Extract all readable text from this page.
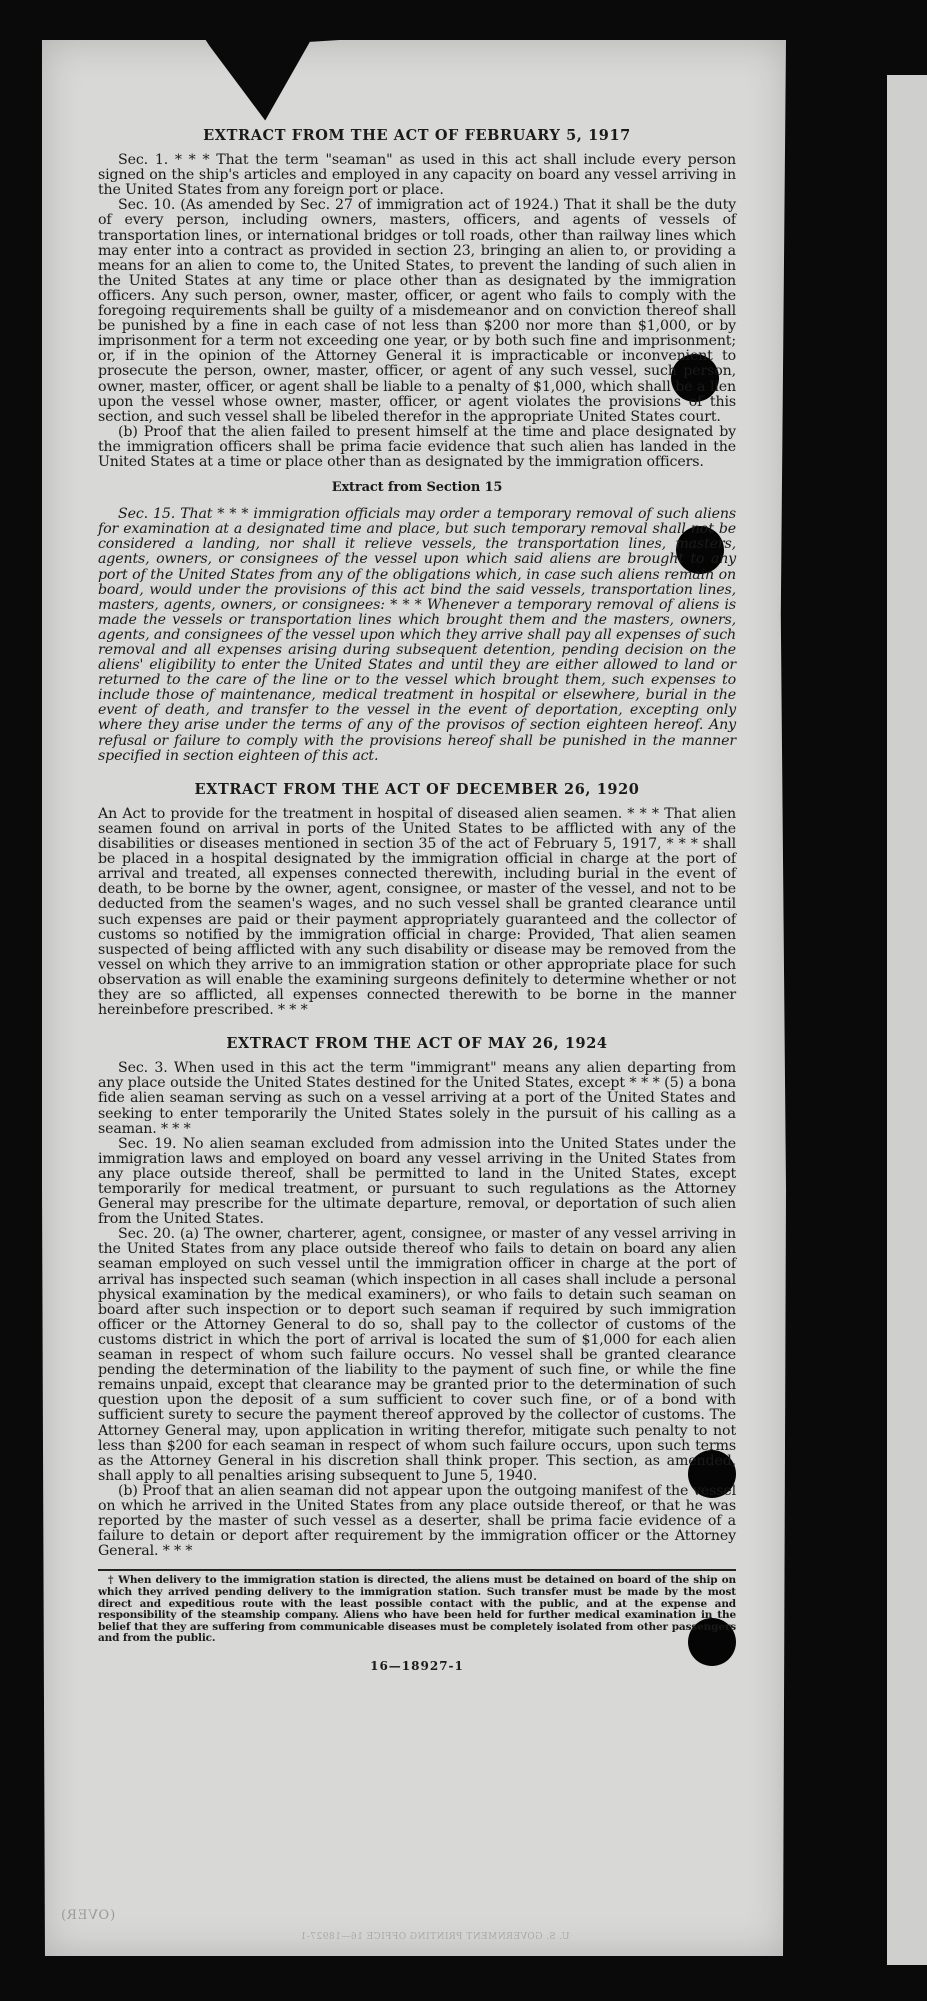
EXTRACT FROM THE ACT OF FEBRUARY 5, 1917

Sec. 1. * * * That the term "seaman" as used in this act shall include every person signed on the ship's articles and employed in any capacity on board any vessel arriving in the United States from any foreign port or place.

Sec. 10. (As amended by Sec. 27 of immigration act of 1924.) That it shall be the duty of every person, including owners, masters, officers, and agents of vessels of transportation lines, or international bridges or toll roads, other than railway lines which may enter into a contract as provided in section 23, bringing an alien to, or providing a means for an alien to come to, the United States, to prevent the landing of such alien in the United States at any time or place other than as designated by the immigration officers. Any such person, owner, master, officer, or agent who fails to comply with the foregoing requirements shall be guilty of a misdemeanor and on conviction thereof shall be punished by a fine in each case of not less than $200 nor more than $1,000, or by imprisonment for a term not exceeding one year, or by both such fine and imprisonment; or, if in the opinion of the Attorney General it is impracticable or inconvenient to prosecute the person, owner, master, officer, or agent of any such vessel, such person, owner, master, officer, or agent shall be liable to a penalty of $1,000, which shall be a lien upon the vessel whose owner, master, officer, or agent violates the provisions of this section, and such vessel shall be libeled therefor in the appropriate United States court.

(b) Proof that the alien failed to present himself at the time and place designated by the immigration officers shall be prima facie evidence that such alien has landed in the United States at a time or place other than as designated by the immigration officers.

Extract from Section 15

Sec. 15. That * * * immigration officials may order a temporary removal of such aliens for examination at a designated time and place, but such temporary removal shall not be considered a landing, nor shall it relieve vessels, the transportation lines, masters, agents, owners, or consignees of the vessel upon which said aliens are brought to any port of the United States from any of the obligations which, in case such aliens remain on board, would under the provisions of this act bind the said vessels, transportation lines, masters, agents, owners, or consignees: * * * Whenever a temporary removal of aliens is made the vessels or transportation lines which brought them and the masters, owners, agents, and consignees of the vessel upon which they arrive shall pay all expenses of such removal and all expenses arising during subsequent detention, pending decision on the aliens' eligibility to enter the United States and until they are either allowed to land or returned to the care of the line or to the vessel which brought them, such expenses to include those of maintenance, medical treatment in hospital or elsewhere, burial in the event of death, and transfer to the vessel in the event of deportation, excepting only where they arise under the terms of any of the provisos of section eighteen hereof. Any refusal or failure to comply with the provisions hereof shall be punished in the manner specified in section eighteen of this act.

EXTRACT FROM THE ACT OF DECEMBER 26, 1920

An Act to provide for the treatment in hospital of diseased alien seamen. * * * That alien seamen found on arrival in ports of the United States to be afflicted with any of the disabilities or diseases mentioned in section 35 of the act of February 5, 1917, * * * shall be placed in a hospital designated by the immigration official in charge at the port of arrival and treated, all expenses connected therewith, including burial in the event of death, to be borne by the owner, agent, consignee, or master of the vessel, and not to be deducted from the seamen's wages, and no such vessel shall be granted clearance until such expenses are paid or their payment appropriately guaranteed and the collector of customs so notified by the immigration official in charge: Provided, That alien seamen suspected of being afflicted with any such disability or disease may be removed from the vessel on which they arrive to an immigration station or other appropriate place for such observation as will enable the examining surgeons definitely to determine whether or not they are so afflicted, all expenses connected therewith to be borne in the manner hereinbefore prescribed. * * *

EXTRACT FROM THE ACT OF MAY 26, 1924

Sec. 3. When used in this act the term "immigrant" means any alien departing from any place outside the United States destined for the United States, except * * * (5) a bona fide alien seaman serving as such on a vessel arriving at a port of the United States and seeking to enter temporarily the United States solely in the pursuit of his calling as a seaman. * * *

Sec. 19. No alien seaman excluded from admission into the United States under the immigration laws and employed on board any vessel arriving in the United States from any place outside thereof, shall be permitted to land in the United States, except temporarily for medical treatment, or pursuant to such regulations as the Attorney General may prescribe for the ultimate departure, removal, or deportation of such alien from the United States.

Sec. 20. (a) The owner, charterer, agent, consignee, or master of any vessel arriving in the United States from any place outside thereof who fails to detain on board any alien seaman employed on such vessel until the immigration officer in charge at the port of arrival has inspected such seaman (which inspection in all cases shall include a personal physical examination by the medical examiners), or who fails to detain such seaman on board after such inspection or to deport such seaman if required by such immigration officer or the Attorney General to do so, shall pay to the collector of customs of the customs district in which the port of arrival is located the sum of $1,000 for each alien seaman in respect of whom such failure occurs. No vessel shall be granted clearance pending the determination of the liability to the payment of such fine, or while the fine remains unpaid, except that clearance may be granted prior to the determination of such question upon the deposit of a sum sufficient to cover such fine, or of a bond with sufficient surety to secure the payment thereof approved by the collector of customs. The Attorney General may, upon application in writing therefor, mitigate such penalty to not less than $200 for each seaman in respect of whom such failure occurs, upon such terms as the Attorney General in his discretion shall think proper. This section, as amended, shall apply to all penalties arising subsequent to June 5, 1940.

(b) Proof that an alien seaman did not appear upon the outgoing manifest of the vessel on which he arrived in the United States from any place outside thereof, or that he was reported by the master of such vessel as a deserter, shall be prima facie evidence of a failure to detain or deport after requirement by the immigration officer or the Attorney General. * * *

† When delivery to the immigration station is directed, the aliens must be detained on board of the ship on which they arrived pending delivery to the immigration station. Such transfer must be made by the most direct and expeditious route with the least possible contact with the public, and at the expense and responsibility of the steamship company. Aliens who have been held for further medical examination in the belief that they are suffering from communicable diseases must be completely isolated from other passengers and from the public.

16—18927-1
(OVER)
U. S. GOVERNMENT PRINTING OFFICE 16—18927-1
